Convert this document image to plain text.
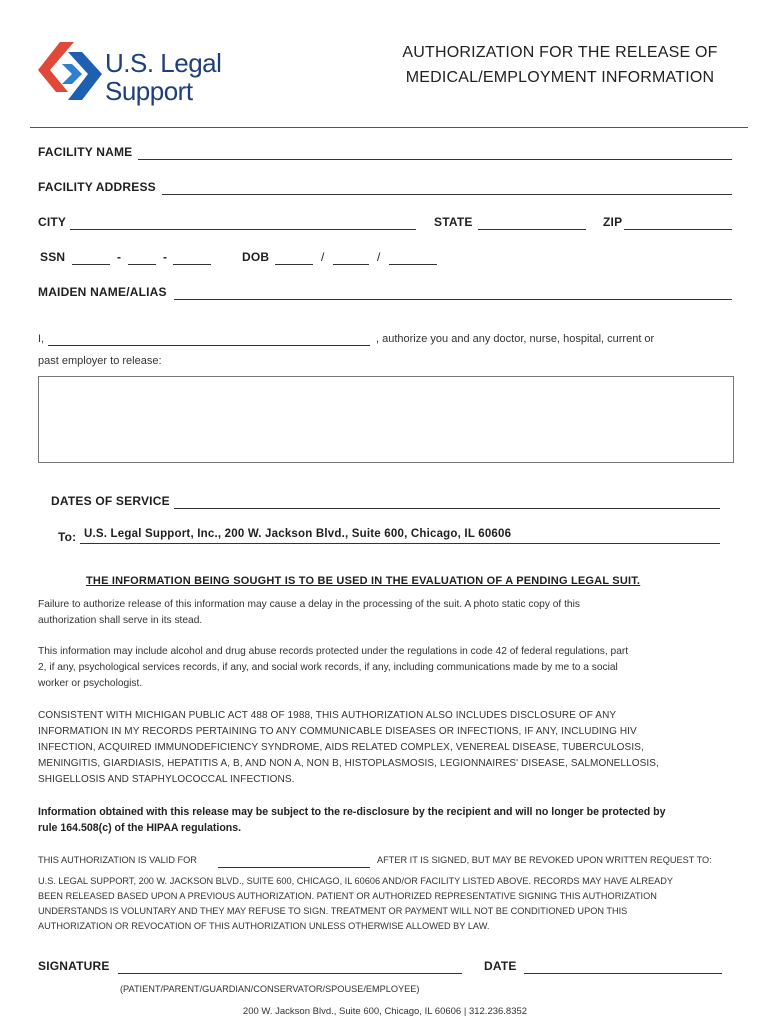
U.S. Legal
Support
AUTHORIZATION FOR THE RELEASE OF
MEDICAL/EMPLOYMENT INFORMATION
FACILITY NAME
FACILITY ADDRESS
CITY	STATE	ZIP
SSN	-	-	DOB	/	/
MAIDEN NAME/ALIAS
I,	, authorize you and any doctor, nurse, hospital, current or
past employer to release:
DATES OF SERVICE
To: U.S. Legal Support, Inc., 200 W. Jackson Blvd., Suite 600, Chicago, IL 60606
THE INFORMATION BEING SOUGHT IS TO BE USED IN THE EVALUATION OF A PENDING LEGAL SUIT.
Failure to authorize release of this information may cause a delay in the processing of the suit. A photo static copy of this
authorization shall serve in its stead.
This information may include alcohol and drug abuse records protected under the regulations in code 42 of federal regulations, part
2, if any, psychological services records, if any, and social work records, if any, including communications made by me to a social
worker or psychologist.
CONSISTENT WITH MICHIGAN PUBLIC ACT 488 OF 1988, THIS AUTHORIZATION ALSO INCLUDES DISCLOSURE OF ANY
INFORMATION IN MY RECORDS PERTAINING TO ANY COMMUNICABLE DISEASES OR INFECTIONS, IF ANY, INCLUDING HIV
INFECTION, ACQUIRED IMMUNODEFICIENCY SYNDROME, AIDS RELATED COMPLEX, VENEREAL DISEASE, TUBERCULOSIS,
MENINGITIS, GIARDIASIS, HEPATITIS A, B, AND NON A, NON B, HISTOPLASMOSIS, LEGIONNAIRES' DISEASE, SALMONELLOSIS,
SHIGELLOSIS AND STAPHYLOCOCCAL INFECTIONS.
Information obtained with this release may be subject to the re-disclosure by the recipient and will no longer be protected by
rule 164.508(c) of the HIPAA regulations.
THIS AUTHORIZATION IS VALID FOR	AFTER IT IS SIGNED, BUT MAY BE REVOKED UPON WRITTEN REQUEST TO:
U.S. LEGAL SUPPORT, 200 W. JACKSON BLVD., SUITE 600, CHICAGO, IL 60606 AND/OR FACILITY LISTED ABOVE. RECORDS MAY HAVE ALREADY
BEEN RELEASED BASED UPON A PREVIOUS AUTHORIZATION. PATIENT OR AUTHORIZED REPRESENTATIVE SIGNING THIS AUTHORIZATION
UNDERSTANDS IS VOLUNTARY AND THEY MAY REFUSE TO SIGN. TREATMENT OR PAYMENT WILL NOT BE CONDITIONED UPON THIS
AUTHORIZATION OR REVOCATION OF THIS AUTHORIZATION UNLESS OTHERWISE ALLOWED BY LAW.
SIGNATURE	DATE
(PATIENT/PARENT/GUARDIAN/CONSERVATOR/SPOUSE/EMPLOYEE)
200 W. Jackson Blvd., Suite 600, Chicago, IL 60606 | 312.236.8352
